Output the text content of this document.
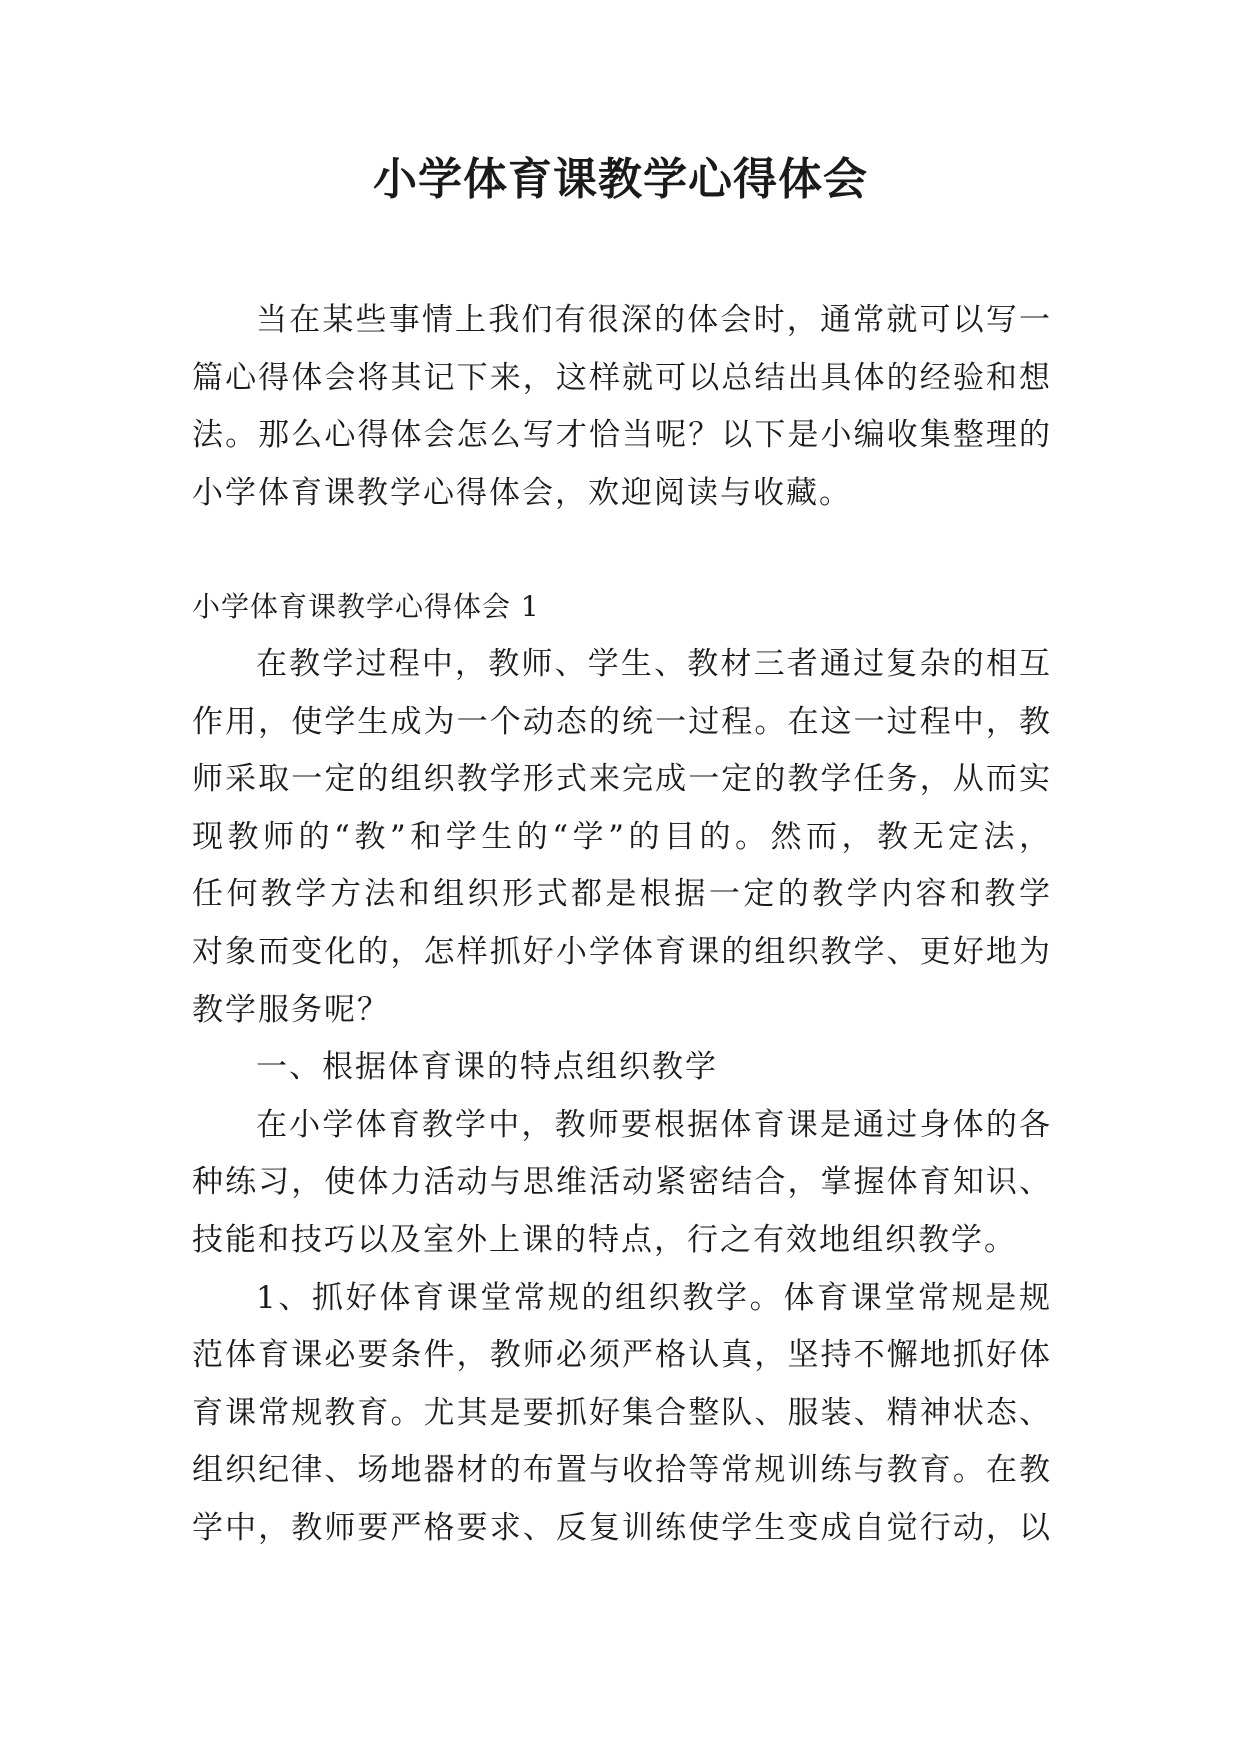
小学体育课教学心得体会
当在某些事情上我们有很深的体会时，通常就可以写一
篇心得体会将其记下来，这样就可以总结出具体的经验和想
法。那么心得体会怎么写才恰当呢？以下是小编收集整理的
小学体育课教学心得体会，欢迎阅读与收藏。
小学体育课教学心得体会 1
在教学过程中，教师、学生、教材三者通过复杂的相互
作用，使学生成为一个动态的统一过程。在这一过程中，教
师采取一定的组织教学形式来完成一定的教学任务，从而实
现教师的“教”和学生的“学”的目的。然而，教无定法，
任何教学方法和组织形式都是根据一定的教学内容和教学
对象而变化的，怎样抓好小学体育课的组织教学、更好地为
教学服务呢？
一、根据体育课的特点组织教学
在小学体育教学中，教师要根据体育课是通过身体的各
种练习，使体力活动与思维活动紧密结合，掌握体育知识、
技能和技巧以及室外上课的特点，行之有效地组织教学。
1、抓好体育课堂常规的组织教学。体育课堂常规是规
范体育课必要条件，教师必须严格认真，坚持不懈地抓好体
育课常规教育。尤其是要抓好集合整队、服装、精神状态、
组织纪律、场地器材的布置与收拾等常规训练与教育。在教
学中，教师要严格要求、反复训练使学生变成自觉行动，以
